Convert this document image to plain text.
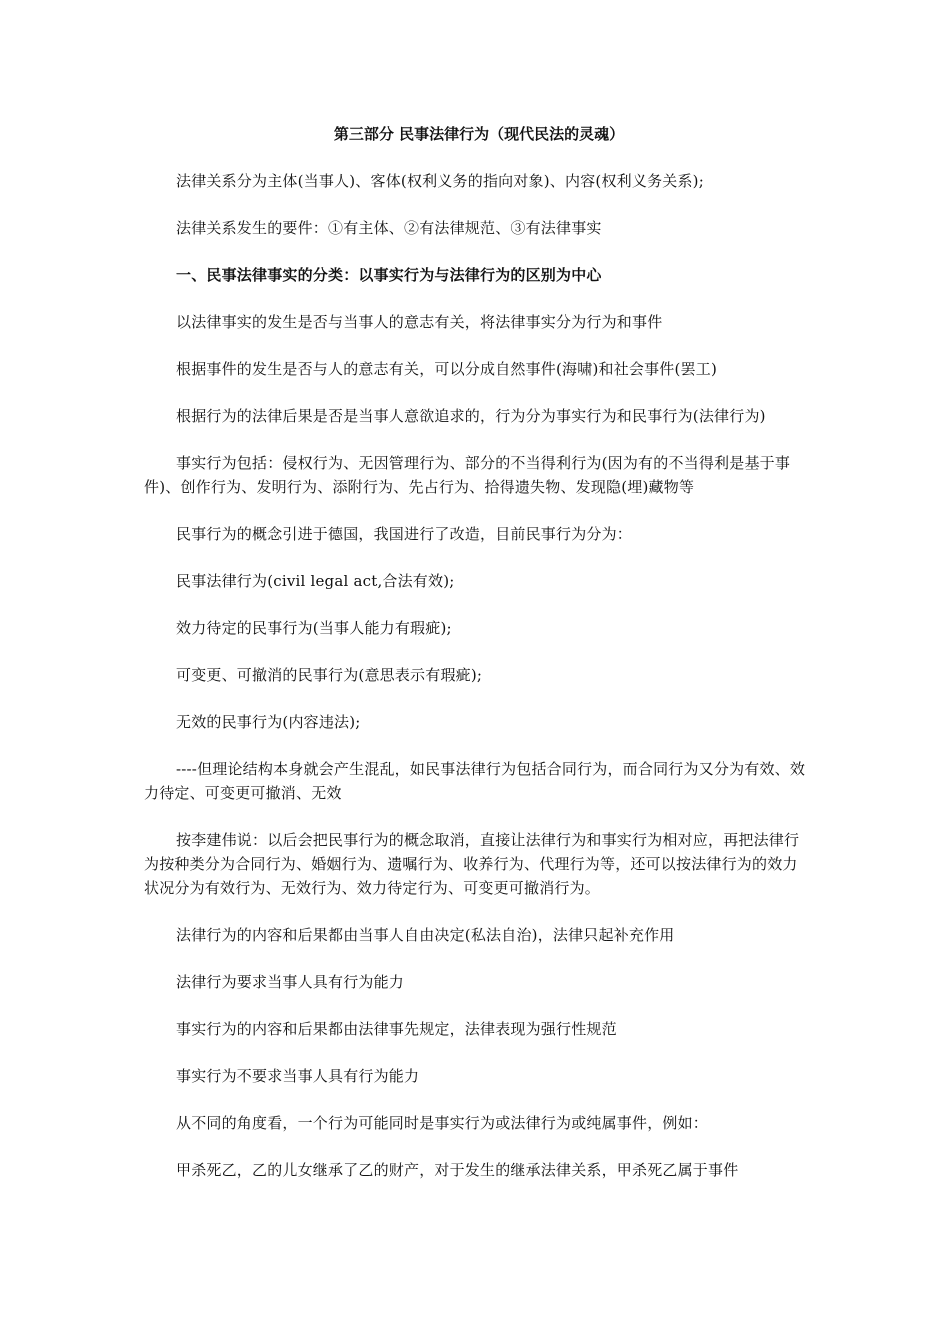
第三部分 民事法律行为（现代民法的灵魂）

法律关系分为主体(当事人)、客体(权利义务的指向对象)、内容(权利义务关系);

法律关系发生的要件：①有主体、②有法律规范、③有法律事实

一、民事法律事实的分类：以事实行为与法律行为的区别为中心

以法律事实的发生是否与当事人的意志有关，将法律事实分为行为和事件

根据事件的发生是否与人的意志有关，可以分成自然事件(海啸)和社会事件(罢工)

根据行为的法律后果是否是当事人意欲追求的，行为分为事实行为和民事行为(法律行为)

事实行为包括：侵权行为、无因管理行为、部分的不当得利行为(因为有的不当得利是基于事件)、创作行为、发明行为、添附行为、先占行为、拾得遗失物、发现隐(埋)藏物等

民事行为的概念引进于德国，我国进行了改造，目前民事行为分为：

民事法律行为(civil legal act,合法有效);

效力待定的民事行为(当事人能力有瑕疵);

可变更、可撤消的民事行为(意思表示有瑕疵);

无效的民事行为(内容违法);

----但理论结构本身就会产生混乱，如民事法律行为包括合同行为，而合同行为又分为有效、效力待定、可变更可撤消、无效

按李建伟说：以后会把民事行为的概念取消，直接让法律行为和事实行为相对应，再把法律行为按种类分为合同行为、婚姻行为、遗嘱行为、收养行为、代理行为等，还可以按法律行为的效力状况分为有效行为、无效行为、效力待定行为、可变更可撤消行为。

法律行为的内容和后果都由当事人自由决定(私法自治)，法律只起补充作用

法律行为要求当事人具有行为能力

事实行为的内容和后果都由法律事先规定，法律表现为强行性规范

事实行为不要求当事人具有行为能力

从不同的角度看，一个行为可能同时是事实行为或法律行为或纯属事件，例如：

甲杀死乙，乙的儿女继承了乙的财产，对于发生的继承法律关系，甲杀死乙属于事件
